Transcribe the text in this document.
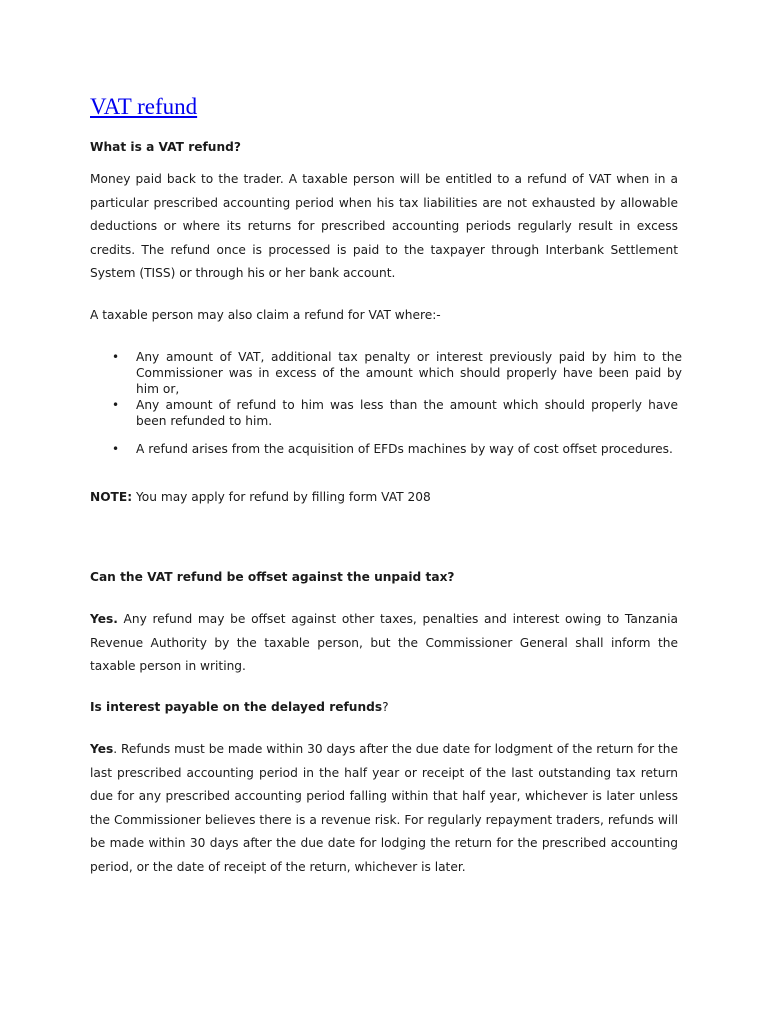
VAT refund
What is a VAT refund?

Money paid back to the trader. A taxable person will be entitled to a refund of VAT when in a particular prescribed accounting period when his tax liabilities are not exhausted by allowable deductions or where its returns for prescribed accounting periods regularly result in excess credits. The refund once is processed is paid to the taxpayer through Interbank Settlement System (TISS) or through his or her bank account.

A taxable person may also claim a refund for VAT where:-

• Any amount of VAT, additional tax penalty or interest previously paid by him to the Commissioner was in excess of the amount which should properly have been paid by him or,
• Any amount of refund to him was less than the amount which should properly have been refunded to him.
• A refund arises from the acquisition of EFDs machines by way of cost offset procedures.

NOTE: You may apply for refund by filling form VAT 208

Can the VAT refund be offset against the unpaid tax?

Yes. Any refund may be offset against other taxes, penalties and interest owing to Tanzania Revenue Authority by the taxable person, but the Commissioner General shall inform the taxable person in writing.

Is interest payable on the delayed refunds?

Yes. Refunds must be made within 30 days after the due date for lodgment of the return for the last prescribed accounting period in the half year or receipt of the last outstanding tax return due for any prescribed accounting period falling within that half year, whichever is later unless the Commissioner believes there is a revenue risk. For regularly repayment traders, refunds will be made within 30 days after the due date for lodging the return for the prescribed accounting period, or the date of receipt of the return, whichever is later.
